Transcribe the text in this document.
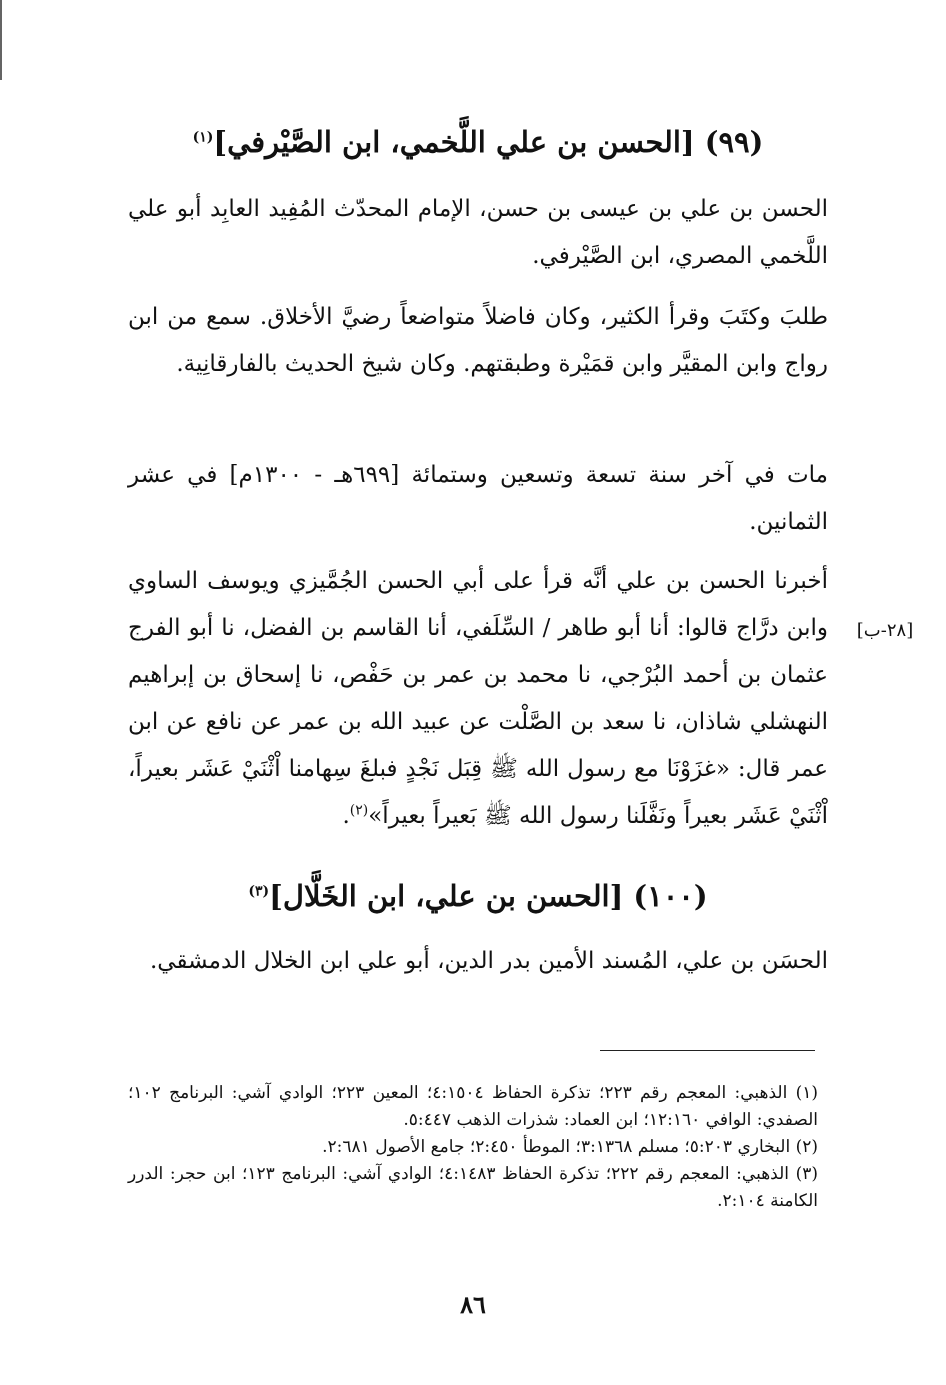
(٩٩) [الحسن بن علي اللَّخمي، ابن الصَّيْرفي]$^{(١)}$
الحسن بن علي بن عيسى بن حسن، الإمام المحدّث المُفِيد العابِد أبو علي اللَّخمي المصري، ابن الصَّيْرفي.
طلبَ وكتَبَ وقرأ الكثير، وكان فاضلاً متواضعاً رضيَّ الأخلاق. سمع من ابن رواج وابن المقيَّر وابن قمَيْرة وطبقتهم. وكان شيخ الحديث بالفارقانِية.
مات في آخر سنة تسعة وتسعين وستمائة [٦٩٩هـ - ١٣٠٠م] في عشر الثمانين.
أخبرنا الحسن بن علي أنَّه قرأ على أبي الحسن الجُمَّيزي ويوسف الساوي وابن درَّاج قالوا: أنا أبو طاهر / السِّلَفي، أنا القاسم بن الفضل، نا أبو الفرج عثمان بن أحمد البُرْجي، نا محمد بن عمر بن حَفْص، نا إسحاق بن إبراهيم النهشلي شاذان، نا سعد بن الصَّلْت عن عبيد الله بن عمر عن نافع عن ابن عمر قال: «غزَوْنَا مع رسول الله ﷺ قِبَل نَجْدٍ فبلغَ سِهامنا اْثْنَيْ عَشَر بعيراً، اْثْنَيْ عَشَر بعيراً ونَفَّلَنا رسول الله ﷺ بَعيراً بعيراً»$^{(٢)}$.
[٢٨-ب]
(١٠٠) [الحسن بن علي، ابن الخَلَّال]$^{(٣)}$
الحسَن بن علي، المُسند الأمين بدر الدين، أبو علي ابن الخلال الدمشقي.

(١) الذهبي: المعجم رقم ٢٢٣؛ تذكرة الحفاظ ٤:١٥٠٤؛ المعين ٢٢٣؛ الوادي آشي: البرنامج ١٠٢؛ الصفدي: الوافي ١٢:١٦٠؛ ابن العماد: شذرات الذهب ٥:٤٤٧.

(٢) البخاري ٥:٢٠٣؛ مسلم ٣:١٣٦٨؛ الموطأ ٢:٤٥٠؛ جامع الأصول ٢:٦٨١.

(٣) الذهبي: المعجم رقم ٢٢٢؛ تذكرة الحفاظ ٤:١٤٨٣؛ الوادي آشي: البرنامج ١٢٣؛ ابن حجر: الدرر الكامنة ٢:١٠٤.

٨٦
